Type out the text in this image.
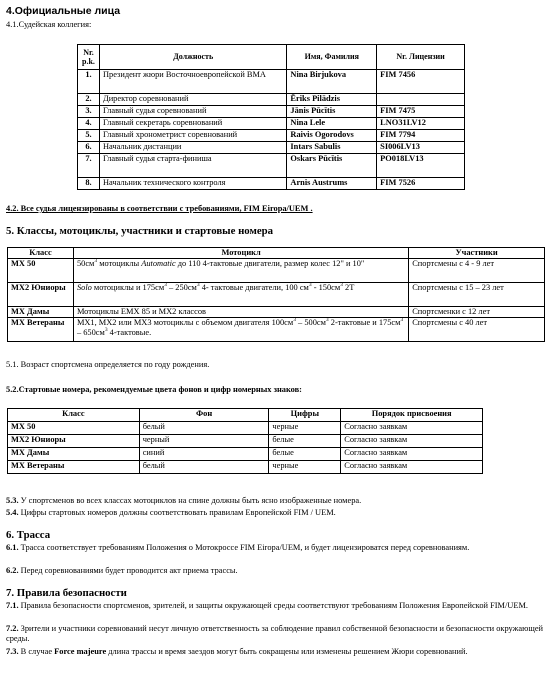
4.Официальные лица
4.1.Судейская коллегия:
Nr. p.k.	Должность	Имя, Фамилия	Nr. Лицензии
1.	Президент жюри Восточноевропейской ВМА	Nina Birjukova	FIM 7456
2.	Директор соревнований	Ēriks Pilādzis	
3.	Главный судья соревнований	Jānis Pūcītis	FIM 7475
4.	Главный секретарь соревнований	Nina Lele	LNO31LV12
5.	Главный хронометрист соревнований	Raivis Ogorodovs	FIM 7794
6.	Начальник дистанции	Intars Sabulis	SI006LV13
7.	Главный судья старта-финиша	Oskars Pūcītis	PO018LV13
8.	Начальник технического контроля	Arnis Austrums	FIM 7526
4.2. Все судья лицензированы в соответствии с требованиями, FIM Eiropa/UEM .
5. Классы, мотоциклы, участники и стартовые номера
Класс	Мотоцикл	Участники
MX 50	$50см^3$ мотоциклы Automatic до 110 4-тактовые двигатели, размер колес 12" и 10"	Спортсмены с 4 - 9 лет
MX2 Юниоры	Solo мотоциклы и $175см^3 - 250см^3$ 4- тактовые двигатели, 100 $см^3 - 150см^3$ 2Т	Спортсмены с 15 – 23 лет
MX Дамы	Мотоциклы ЕМХ 85 и MX2 классов	Спортсменки с 12 лет
MX Ветераны	MX1, MX2 или MX3 мотоциклы с объемом двигателя $100см^3 - 500см^3$ 2-тактовые и $175см^3 - 650см^3$ 4-тактовые.	Спортсмены с 40 лет
5.1. Возраст спортсмена определяется по году рождения.
5.2.Стартовые номера, рекомендуемые цвета фонов и цифр номерных знаков:
Класс	Фон	Цифры	Порядок присвоения
MX 50	белый	черные	Согласно заявкам
MX2 Юниоры	черный	белые	Согласно заявкам
MX Дамы	синий	белые	Согласно заявкам
MX Ветераны	белый	черные	Согласно заявкам
5.3. У спортсменов во всех классах мотоциклов на спине должны быть ясно изображенные номера.
5.4. Цифры стартовых номеров должны соответствовать правилам Европейской FIM / UEM.
6. Трасса
6.1. Трасса соответствует требованиям Положения о Мотокроссе FIM Eiropa/UEM, и будет лицензироватся перед соревнованиям.
6.2. Перед соревнованиями будет проводится акт приема трассы.
7. Правила безопасности
7.1. Правила безопасности спортсменов, зрителей, и защиты окружающей среды соответствуют требованиям Положения Европейской FIM/UEM.
7.2. Зрители и участники соревнований несут личную ответственность за соблюдение правил собственной безопасности и безопасности окружающей среды.
7.3. В случае Force majeure длина трассы и время заездов могут быть сокращены или изменены решением Жюри соревнований.
